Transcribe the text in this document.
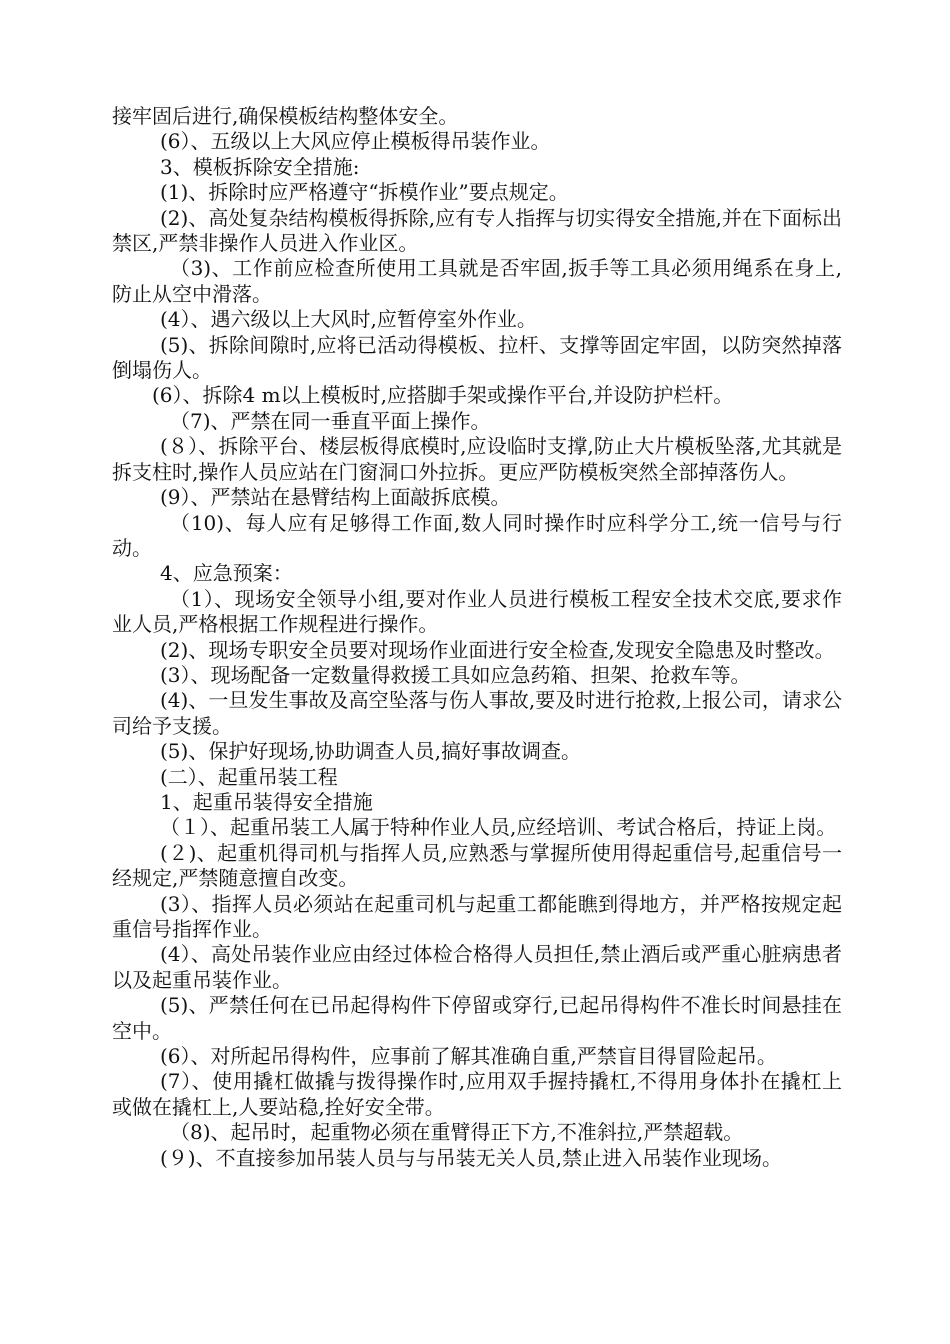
接牢固后进行,确保模板结构整体安全。

(6）、五级以上大风应停止模板得吊装作业。

3、模板拆除安全措施:

(1)、拆除时应严格遵守“拆模作业”要点规定。

(2)、高处复杂结构模板得拆除,应有专人指挥与切实得安全措施,并在下面标出禁区,严禁非操作人员进入作业区。

（3)、工作前应检查所使用工具就是否牢固,扳手等工具必须用绳系在身上,防止从空中滑落。

(4）、遇六级以上大风时,应暂停室外作业。

(5)、拆除间隙时,应将已活动得模板、拉杆、支撑等固定牢固，以防突然掉落倒塌伤人。

(6）、拆除4 m以上模板时,应搭脚手架或操作平台,并设防护栏杆。

（7)、严禁在同一垂直平面上操作。

(８）、拆除平台、楼层板得底模时,应设临时支撑,防止大片模板坠落,尤其就是拆支柱时,操作人员应站在门窗洞口外拉拆。更应严防模板突然全部掉落伤人。

(9）、严禁站在悬臂结构上面敲拆底模。

（10)、每人应有足够得工作面,数人同时操作时应科学分工,统一信号与行动。

4、应急预案：

（1）、现场安全领导小组,要对作业人员进行模板工程安全技术交底,要求作业人员,严格根据工作规程进行操作。

(2)、现场专职安全员要对现场作业面进行安全检查,发现安全隐患及时整改。

(3）、现场配备一定数量得救援工具如应急药箱、担架、抢救车等。

(4)、一旦发生事故及高空坠落与伤人事故,要及时进行抢救,上报公司，请求公司给予支援。

(5)、保护好现场,协助调查人员,搞好事故调查。

(二）、起重吊装工程

1、起重吊装得安全措施

（１）、起重吊装工人属于特种作业人员,应经培训、考试合格后，持证上岗。

(２)、起重机得司机与指挥人员,应熟悉与掌握所使用得起重信号,起重信号一经规定,严禁随意擅自改变。

(3）、指挥人员必须站在起重司机与起重工都能瞧到得地方，并严格按规定起重信号指挥作业。

(4）、高处吊装作业应由经过体检合格得人员担任,禁止酒后或严重心脏病患者以及起重吊装作业。

(5)、严禁任何在已吊起得构件下停留或穿行,已起吊得构件不准长时间悬挂在空中。

(6）、对所起吊得构件，应事前了解其准确自重,严禁盲目得冒险起吊。

(7）、使用撬杠做撬与拨得操作时,应用双手握持撬杠,不得用身体扑在撬杠上或做在撬杠上,人要站稳,拴好安全带。

（8)、起吊时，起重物必须在重臂得正下方,不准斜拉,严禁超载。

(９)、不直接参加吊装人员与与吊装无关人员,禁止进入吊装作业现场。
